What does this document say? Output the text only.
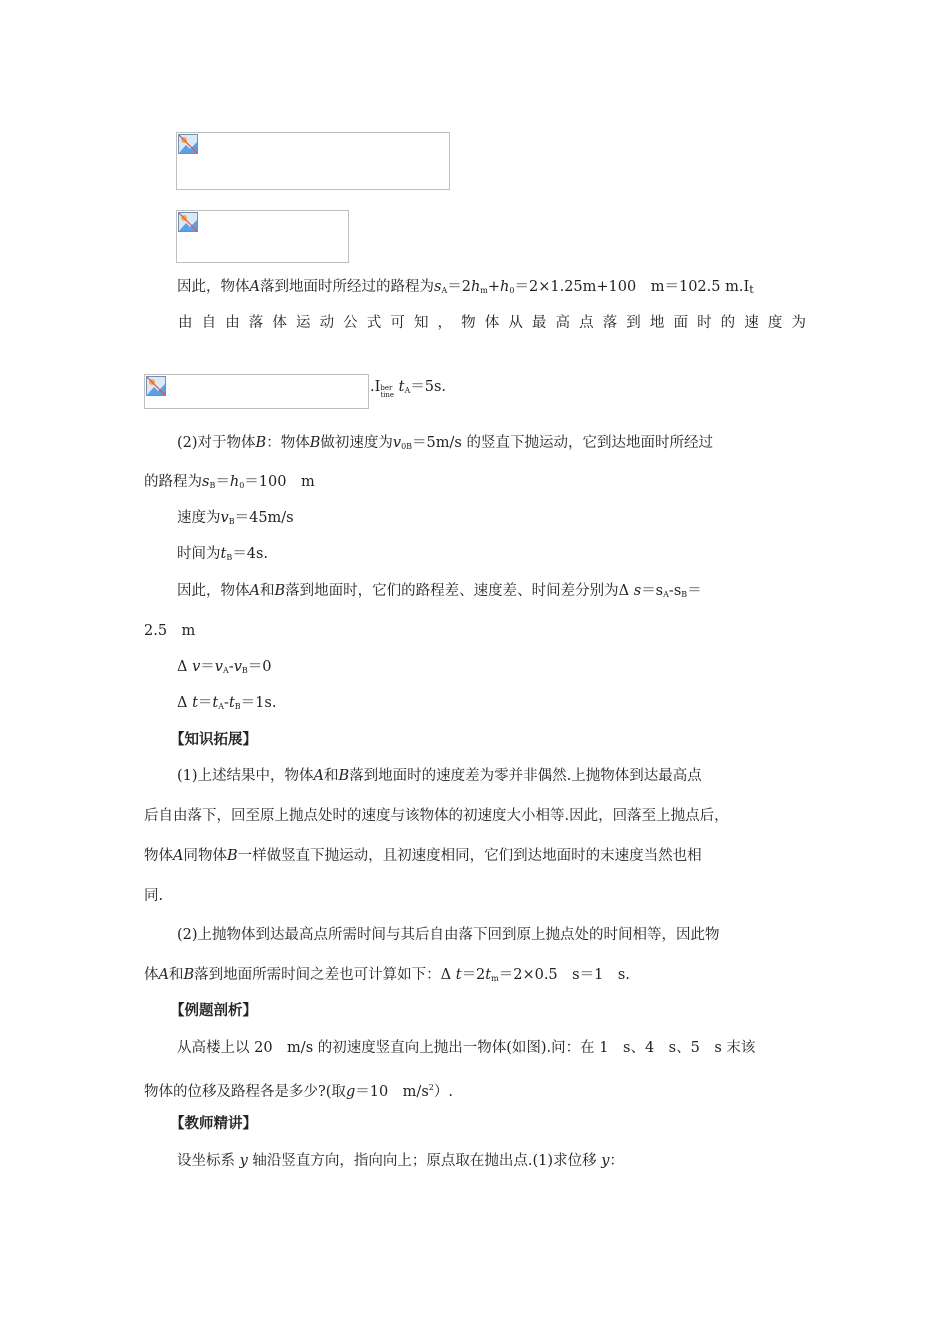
因此，物体A落到地面时所经过的路程为$s_A=2h_m+h_0=2\times 1.25m+100$　m＝102.5 m.It
由 自 由 落 体 运 动 公 式 可 知 ， 物 体 从 最 高 点 落 到 地 面 时 的 速 度 为
.I ber
tine $t_A=5s$.
(2)对于物体B：物体B做初速度为$v_{0B}=5m/s$ 的竖直下抛运动，它到达地面时所经过
的路程为$s_B=h_0=100$　m
速度为$v_B=45m/s$
时间为$t_B=4s$.
因此，物体A和B落到地面时，它们的路程差、速度差、时间差分别为Δ $s=s_A-s_B=$
2.5　m
Δ $v=v_A-v_B=0$
Δ $t=t_A-t_B=1s$.
【知识拓展】
(1)上述结果中，物体A和B落到地面时的速度差为零并非偶然.上抛物体到达最高点
后自由落下，回至原上抛点处时的速度与该物体的初速度大小相等.因此，回落至上抛点后，
物体A同物体B一样做竖直下抛运动，且初速度相同，它们到达地面时的末速度当然也相
同.
(2)上抛物体到达最高点所需时间与其后自由落下回到原上抛点处的时间相等，因此物
体A和B落到地面所需时间之差也可计算如下：Δ $t=2t_m=2\times 0.5$　s＝1　s.
【例题剖析】
从高楼上以 20　m/s 的初速度竖直向上抛出一物体(如图).问：在 1　s、4　s、5　s 末该
物体的位移及路程各是多少?(取g＝10　$m/s^2$）.
【教师精讲】
设坐标系 y 轴沿竖直方向，指向向上；原点取在抛出点.(1)求位移 y：
